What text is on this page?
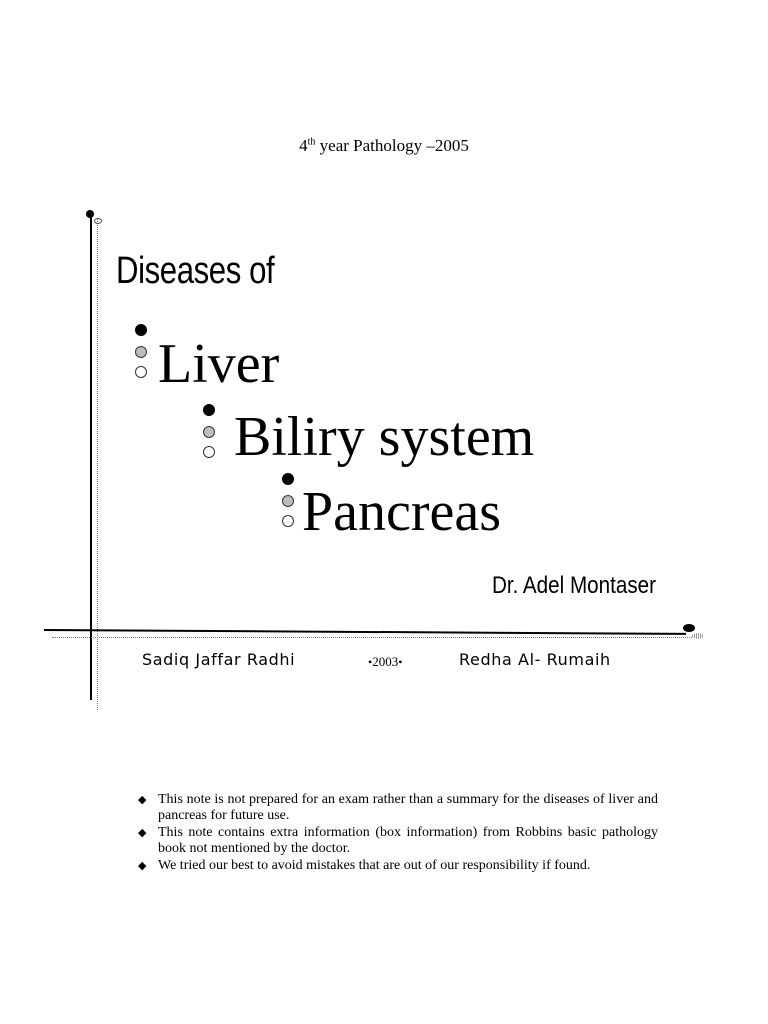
4th year Pathology –2005
Diseases of
Liver
Biliry system
Pancreas
Dr. Adel Montaser
Sadiq Jaffar Radhi	•2003•	Redha Al- Rumaih
◆ This note is not prepared for an exam rather than a summary for the diseases of liver and pancreas for future use.
◆ This note contains extra information (box information) from Robbins basic pathology book not mentioned by the doctor.
◆ We tried our best to avoid mistakes that are out of our responsibility if found.
